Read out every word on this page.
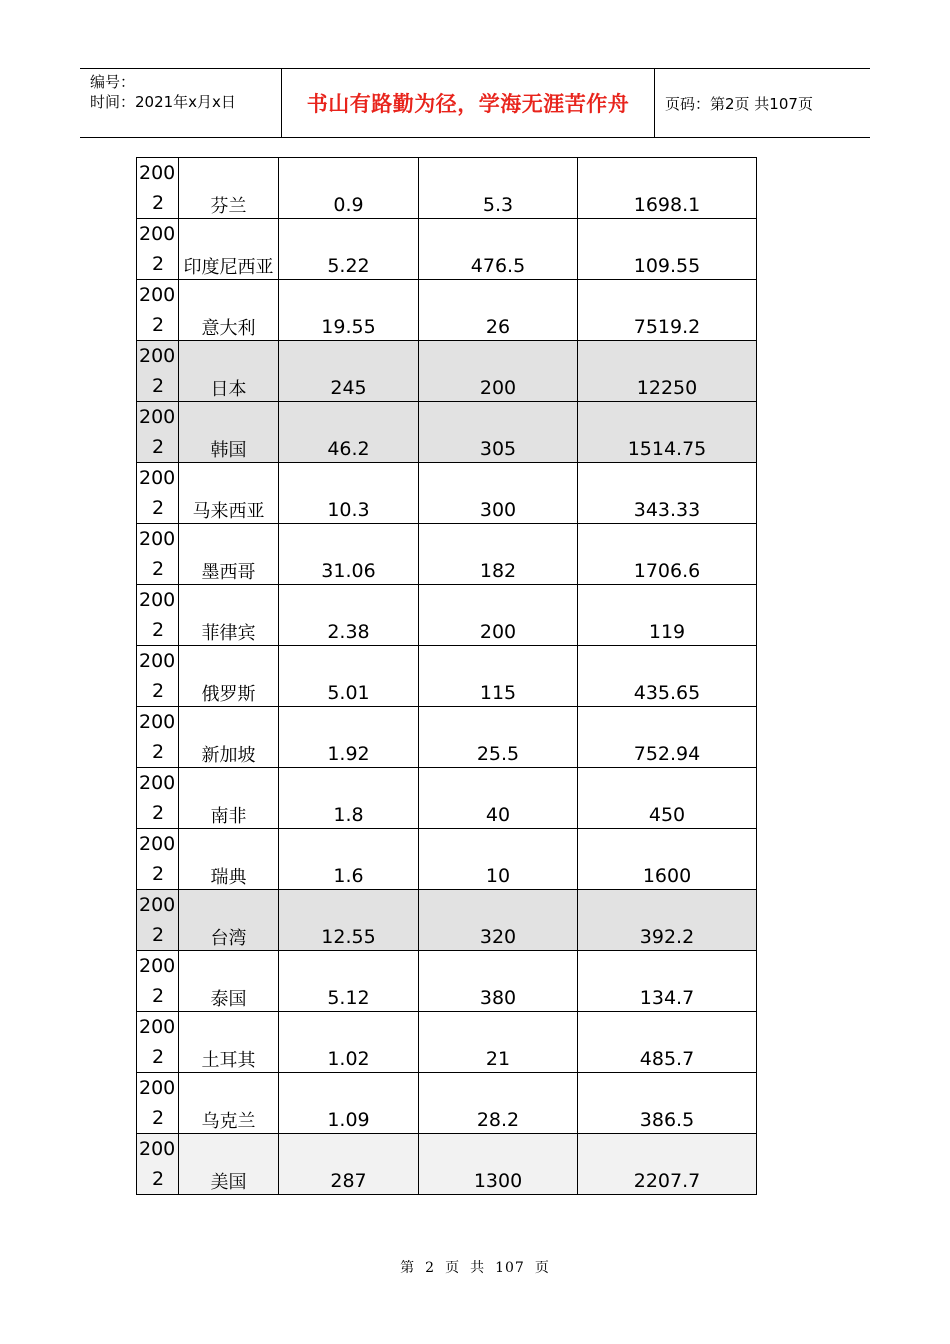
编号：
时间：2021年x月x日	书山有路勤为径，学海无涯苦作舟	页码：第2页 共107页
200
2	芬兰	0.9	5.3	1698.1

200
2	印度尼西亚	5.22	476.5	109.55

200
2	意大利	19.55	26	7519.2

200
2	日本	245	200	12250

200
2	韩国	46.2	305	1514.75

200
2	马来西亚	10.3	300	343.33

200
2	墨西哥	31.06	182	1706.6

200
2	菲律宾	2.38	200	119

200
2	俄罗斯	5.01	115	435.65

200
2	新加坡	1.92	25.5	752.94

200
2	南非	1.8	40	450

200
2	瑞典	1.6	10	1600

200
2	台湾	12.55	320	392.2

200
2	泰国	5.12	380	134.7

200
2	土耳其	1.02	21	485.7

200
2	乌克兰	1.09	28.2	386.5

200
2	美国	287	1300	2207.7
第 2 页 共 107 页
